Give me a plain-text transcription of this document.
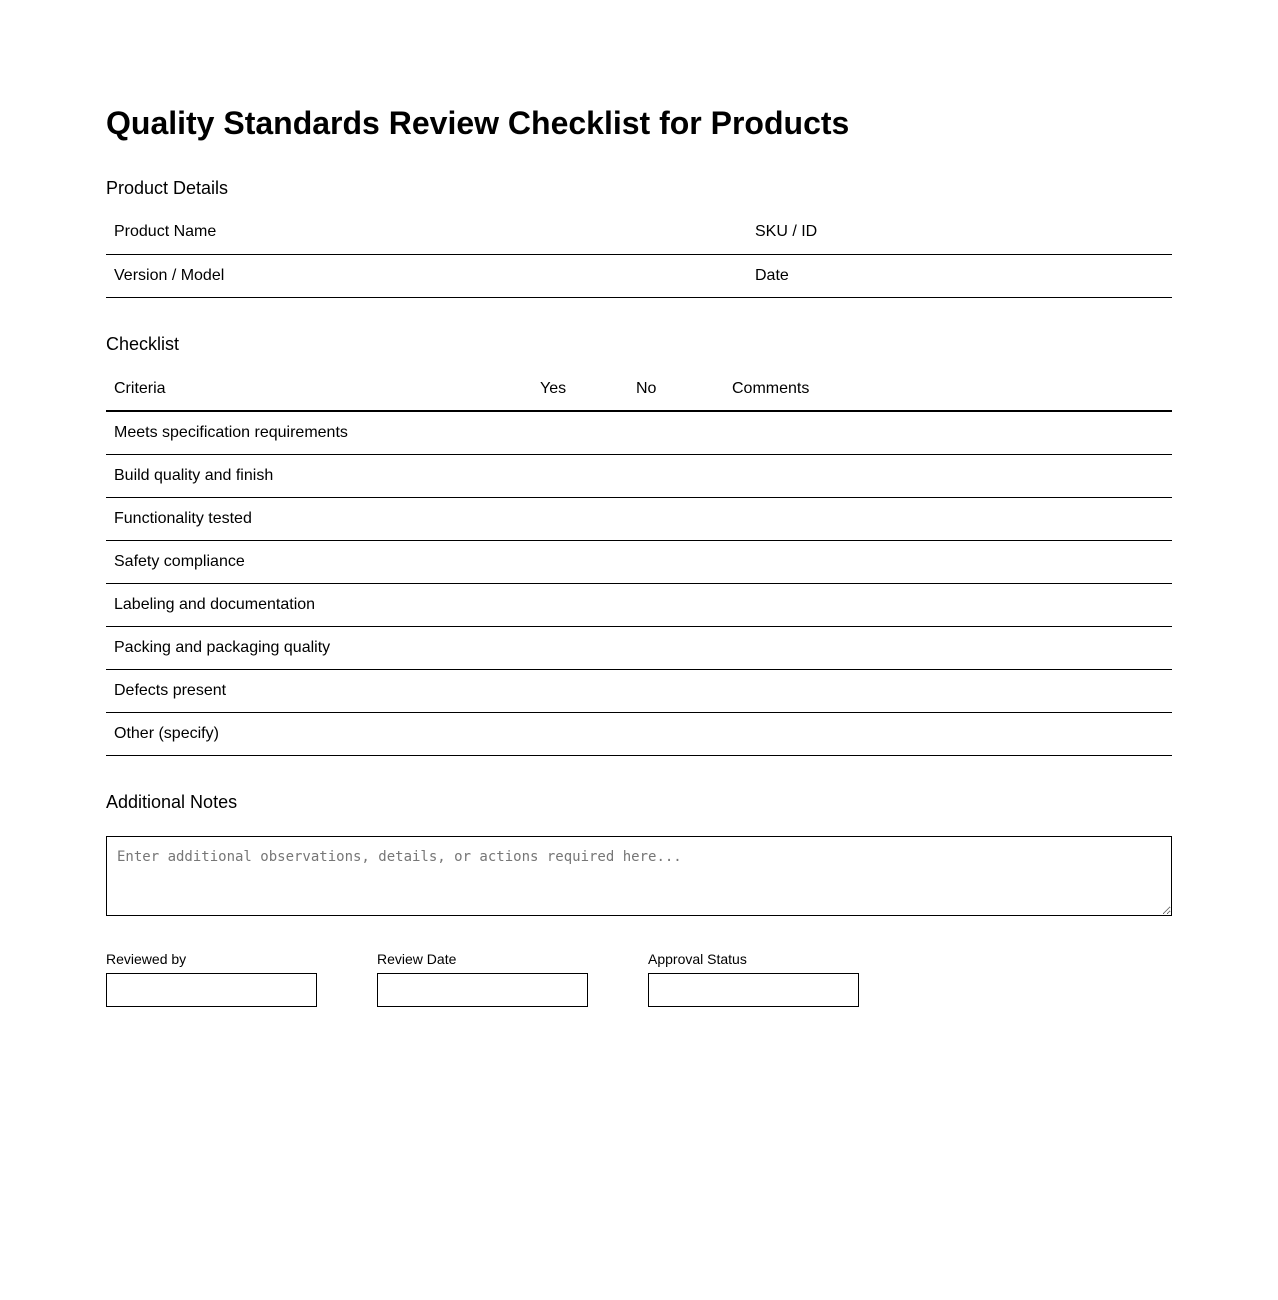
Quality Standards Review Checklist for Products
Product Details
Product Name	SKU / ID
Version / Model	Date
Checklist
Criteria	Yes	No	Comments
Meets specification requirements			
Build quality and finish			
Functionality tested			
Safety compliance			
Labeling and documentation			
Packing and packaging quality			
Defects present			
Other (specify)			
Additional Notes
Enter additional observations, details, or actions required here...
Reviewed by	Review Date	Approval Status
